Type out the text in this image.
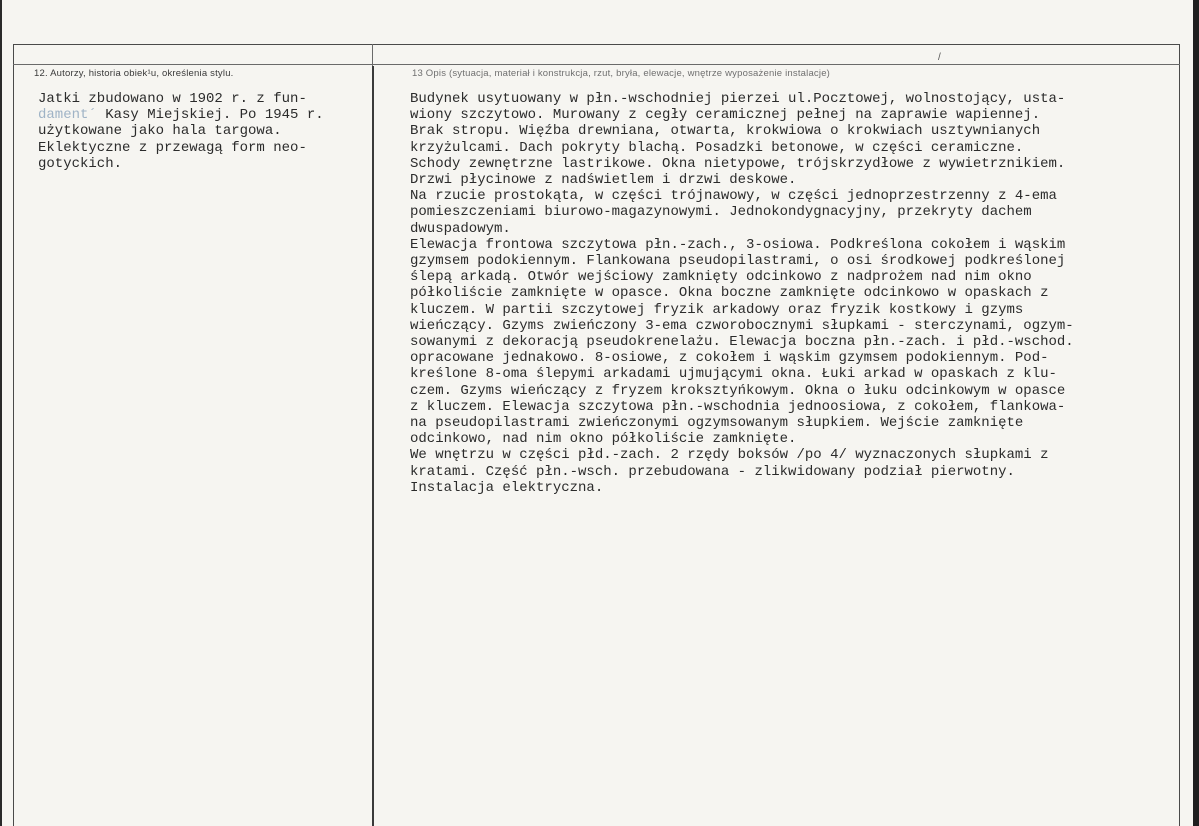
/
12. Autorzy, historia obiek¹u, określenia stylu.	13 Opis (sytuacja, materiał i konstrukcja, rzut, bryła, elewacje, wnętrze wyposażenie instalacje)
Jatki zbudowano w 1902 r. z fun-
dament´ Kasy Miejskiej. Po 1945 r.
użytkowane jako hala targowa.
Eklektyczne z przewagą form neo-
gotyckich.
Budynek usytuowany w płn.-wschodniej pierzei ul.Pocztowej, wolnostojący, usta-
wiony szczytowo. Murowany z cegły ceramicznej pełnej na zaprawie wapiennej.
Brak stropu. Więźba drewniana, otwarta, krokwiowa o krokwiach usztywnianych
krzyżulcami. Dach pokryty blachą. Posadzki betonowe, w części ceramiczne.
Schody zewnętrzne lastrikowe. Okna nietypowe, trójskrzydłowe z wywietrznikiem.
Drzwi płycinowe z nadświetlem i drzwi deskowe.
Na rzucie prostokąta, w części trójnawowy, w części jednoprzestrzenny z 4-ema
pomieszczeniami biurowo-magazynowymi. Jednokondygnacyjny, przekryty dachem
dwuspadowym.
Elewacja frontowa szczytowa płn.-zach., 3-osiowa. Podkreślona cokołem i wąskim
gzymsem podokiennym. Flankowana pseudopilastrami, o osi środkowej podkreślonej
ślepą arkadą. Otwór wejściowy zamknięty odcinkowo z nadprożem nad nim okno
półkoliście zamknięte w opasce. Okna boczne zamknięte odcinkowo w opaskach z
kluczem. W partii szczytowej fryzik arkadowy oraz fryzik kostkowy i gzyms
wieńczący. Gzyms zwieńczony 3-ema czworobocznymi słupkami - sterczynami, ogzym-
sowanymi z dekoracją pseudokrenelażu. Elewacja boczna płn.-zach. i płd.-wschod.
opracowane jednakowo. 8-osiowe, z cokołem i wąskim gzymsem podokiennym. Pod-
kreślone 8-oma ślepymi arkadami ujmującymi okna. Łuki arkad w opaskach z klu-
czem. Gzyms wieńczący z fryzem kroksztyńkowym. Okna o łuku odcinkowym w opasce
z kluczem. Elewacja szczytowa płn.-wschodnia jednoosiowa, z cokołem, flankowa-
na pseudopilastrami zwieńczonymi ogzymsowanym słupkiem. Wejście zamknięte
odcinkowo, nad nim okno półkoliście zamknięte.
We wnętrzu w części płd.-zach. 2 rzędy boksów /po 4/ wyznaczonych słupkami z
kratami. Część płn.-wsch. przebudowana - zlikwidowany podział pierwotny.
Instalacja elektryczna.
